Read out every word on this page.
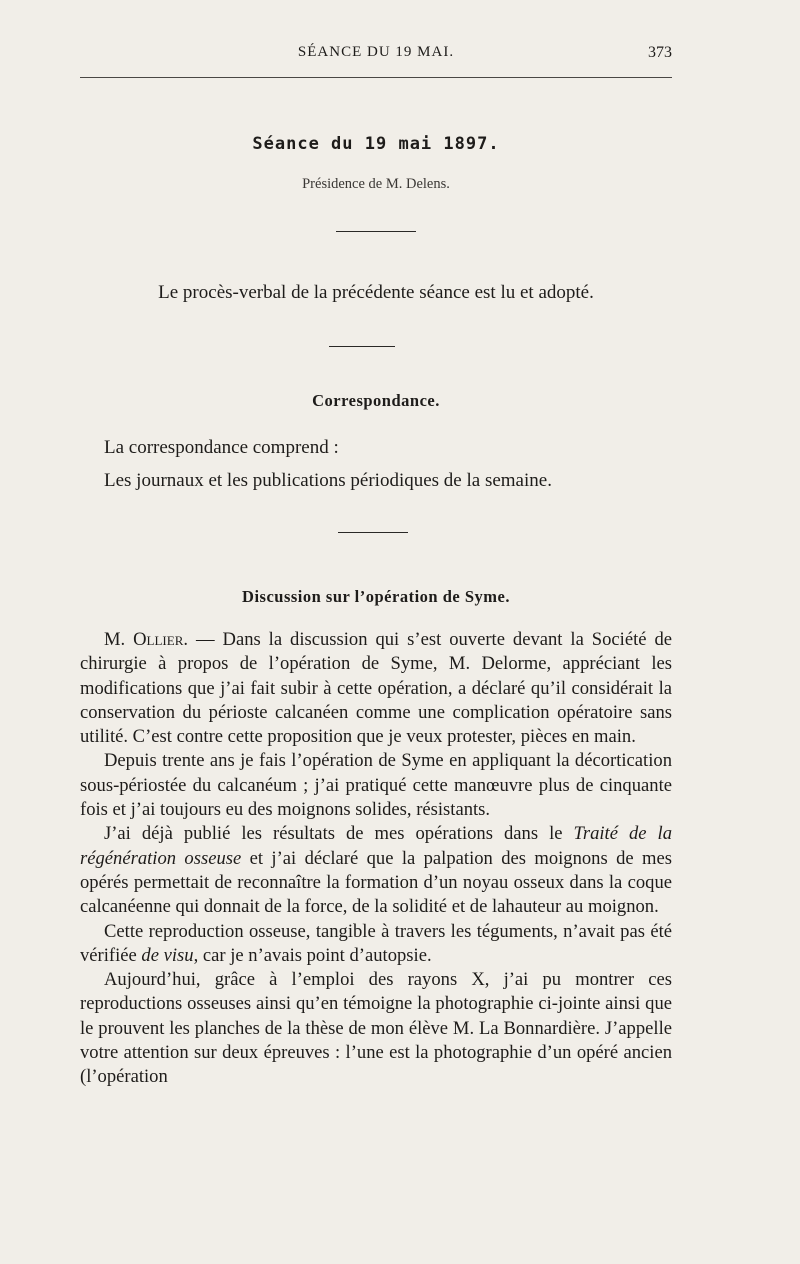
SÉANCE DU 19 MAI.	373
Séance du 19 mai 1897.
Présidence de M. Delens.
Le procès-verbal de la précédente séance est lu et adopté.
Correspondance.
La correspondance comprend :
Les journaux et les publications périodiques de la semaine.
Discussion sur l’opération de Syme.

M. Ollier. — Dans la discussion qui s’est ouverte devant la Société de chirurgie à propos de l’opération de Syme, M. Delorme, appréciant les modifications que j’ai fait subir à cette opération, a déclaré qu’il considérait la conservation du périoste calcanéen comme une complication opératoire sans utilité. C’est contre cette proposition que je veux protester, pièces en main.

Depuis trente ans je fais l’opération de Syme en appliquant la décortication sous-périostée du calcanéum ; j’ai pratiqué cette manœuvre plus de cinquante fois et j’ai toujours eu des moignons solides, résistants.

J’ai déjà publié les résultats de mes opérations dans le Traité de la régénération osseuse et j’ai déclaré que la palpation des moignons de mes opérés permettait de reconnaître la formation d’un noyau osseux dans la coque calcanéenne qui donnait de la force, de la solidité et de lahauteur au moignon.

Cette reproduction osseuse, tangible à travers les téguments, n’avait pas été vérifiée de visu, car je n’avais point d’autopsie.

Aujourd’hui, grâce à l’emploi des rayons X, j’ai pu montrer ces reproductions osseuses ainsi qu’en témoigne la photographie ci-jointe ainsi que le prouvent les planches de la thèse de mon élève M. La Bonnardière. J’appelle votre attention sur deux épreuves : l’une est la photographie d’un opéré ancien (l’opération
